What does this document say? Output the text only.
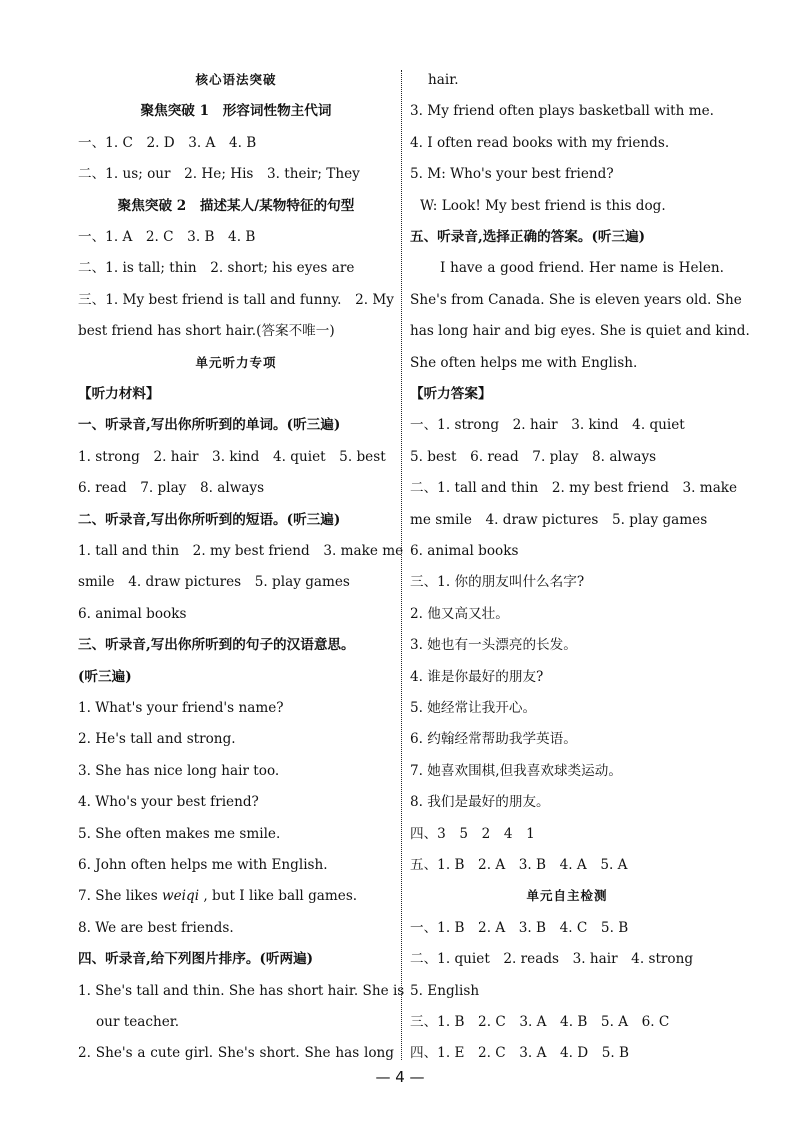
核心语法突破
聚焦突破 1　形容词性物主代词
一、1. C　2. D　3. A　4. B
二、1. us; our　2. He; His　3. their; They
聚焦突破 2　描述某人/某物特征的句型
一、1. A　2. C　3. B　4. B
二、1. is tall; thin　2. short; his eyes are
三、1. My best friend is tall and funny.　2. My
best friend has short hair.(答案不唯一)
单元听力专项
【听力材料】
一、听录音,写出你所听到的单词。(听三遍)
1. strong　2. hair　3. kind　4. quiet　5. best
6. read　7. play　8. always
二、听录音,写出你所听到的短语。(听三遍)
1. tall and thin　2. my best friend　3. make me
smile　4. draw pictures　5. play games
6. animal books
三、听录音,写出你所听到的句子的汉语意思。
(听三遍)
1. What's your friend's name?
2. He's tall and strong.
3. She has nice long hair too.
4. Who's your best friend?
5. She often makes me smile.
6. John often helps me with English.
7. She likes weiqi , but I like ball games.
8. We are best friends.
四、听录音,给下列图片排序。(听两遍)
1. She's tall and thin. She has short hair. She is
our teacher.
2. She's a cute girl. She's short. She has long
hair.
3. My friend often plays basketball with me.
4. I often read books with my friends.
5. M: Who's your best friend?
W: Look! My best friend is this dog.
五、听录音,选择正确的答案。(听三遍)
I have a good friend. Her name is Helen.
She's from Canada. She is eleven years old. She
has long hair and big eyes. She is quiet and kind.
She often helps me with English.
【听力答案】
一、1. strong　2. hair　3. kind　4. quiet
5. best　6. read　7. play　8. always
二、1. tall and thin　2. my best friend　3. make
me smile　4. draw pictures　5. play games
6. animal books
三、1. 你的朋友叫什么名字?
2. 他又高又壮。
3. 她也有一头漂亮的长发。
4. 谁是你最好的朋友?
5. 她经常让我开心。
6. 约翰经常帮助我学英语。
7. 她喜欢围棋,但我喜欢球类运动。
8. 我们是最好的朋友。
四、3　5　2　4　1
五、1. B　2. A　3. B　4. A　5. A
单元自主检测
一、1. B　2. A　3. B　4. C　5. B
二、1. quiet　2. reads　3. hair　4. strong
5. English
三、1. B　2. C　3. A　4. B　5. A　6. C
四、1. E　2. C　3. A　4. D　5. B
— 4 —
